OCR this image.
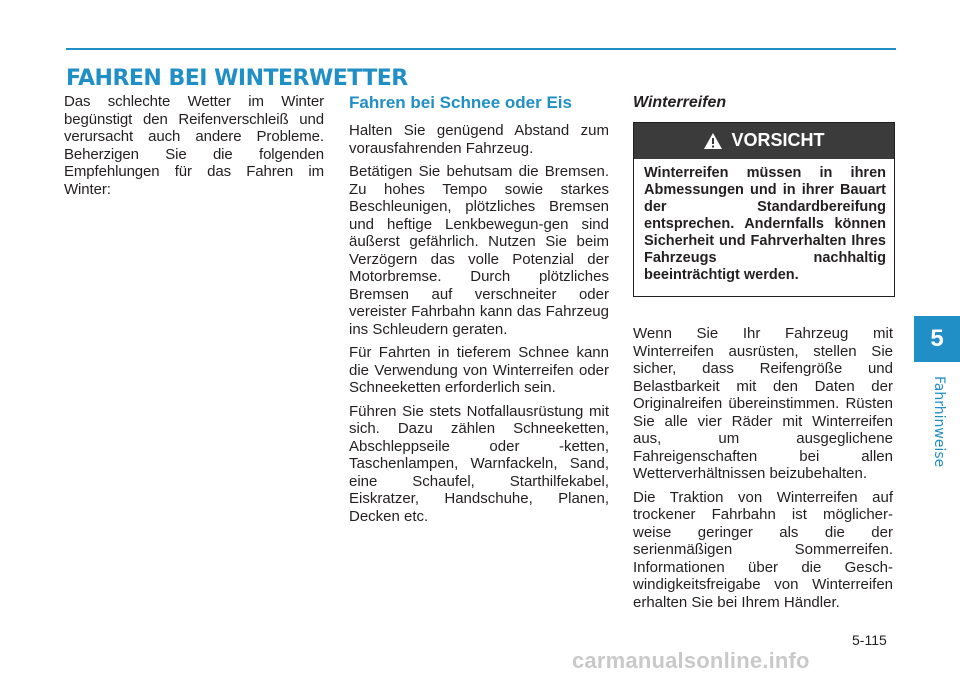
FAHREN BEI WINTERWETTER

Das schlechte Wetter im Winter begünstigt den Reifenverschleiß und verursacht auch andere Probleme. Beherzigen Sie die folgenden Empfehlungen für das Fahren im Winter:

Fahren bei Schnee oder Eis

Halten Sie genügend Abstand zum vorausfahrenden Fahrzeug.

Betätigen Sie behutsam die Bremsen. Zu hohes Tempo sowie starkes Beschleunigen, plötzliches Bremsen und heftige Lenkbewegun-gen sind äußerst gefährlich. Nutzen Sie beim Verzögern das volle Potenzial der Motorbremse. Durch plötzliches Bremsen auf verschneiter oder vereister Fahrbahn kann das Fahrzeug ins Schleudern geraten.

Für Fahrten in tieferem Schnee kann die Verwendung von Winterreifen oder Schneeketten erforderlich sein.

Führen Sie stets Notfallausrüstung mit sich. Dazu zählen Schneeketten, Abschleppseile oder -ketten, Taschenlampen, Warnfackeln, Sand, eine Schaufel, Starthilfekabel, Eiskratzer, Handschuhe, Planen, Decken etc.

Winterreifen
VORSICHT
Winterreifen müssen in ihren Abmessungen und in ihrer Bauart der Standardbereifung entsprechen. Andernfalls können Sicherheit und Fahrverhalten Ihres Fahrzeugs nachhaltig beeinträchtigt werden.

Wenn Sie Ihr Fahrzeug mit Winterreifen ausrüsten, stellen Sie sicher, dass Reifengröße und Belastbarkeit mit den Daten der Originalreifen übereinstimmen. Rüsten Sie alle vier Räder mit Winterreifen aus, um ausgeglichene Fahreigenschaften bei allen Wetterverhältnissen beizubehalten.

Die Traktion von Winterreifen auf trockener Fahrbahn ist möglicher-weise geringer als die der serienmäßigen Sommerreifen. Informationen über die Gesch-windigkeitsfreigabe von Winterreifen erhalten Sie bei Ihrem Händler.

5
Fahrhinweise
5-115
carmanualsonline.info
